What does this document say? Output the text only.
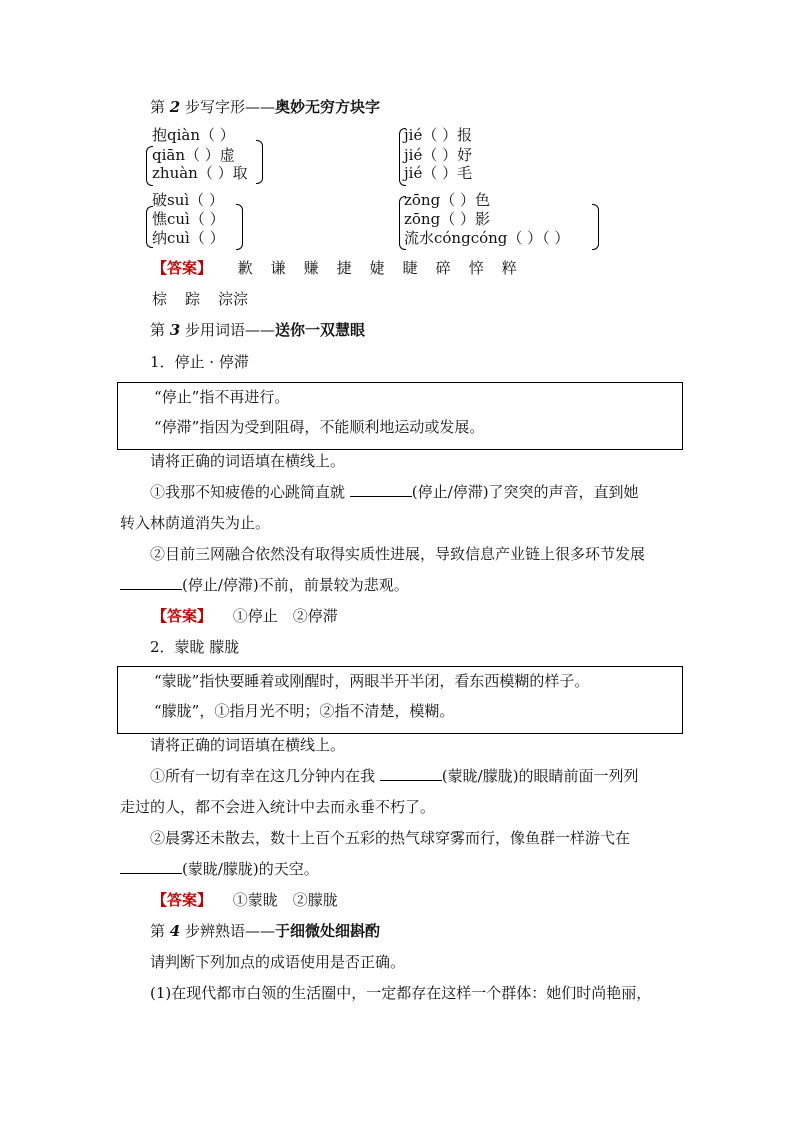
第 2 步写字形——奥妙无穷方块字
抱qiàn（ ）
qiān（ ）虚
zhuàn（ ）取
jié（ ）报
jié（ ）妤
jié（ ）毛
破suì（ ）
憔cuì（ ）
纳cuì（ ）
zōng（ ）色
zōng（ ）影
流水cóngcóng（ ）（ ）
【答案】 歉 谦 赚 捷 婕 睫 碎 悴 粹
棕 踪 淙淙
第 3 步用词语——送你一双慧眼
1．停止 · 停滞
“停止”指不再进行。
“停滞”指因为受到阻碍，不能顺利地运动或发展。
请将正确的词语填在横线上。
①我那不知疲倦的心跳简直就	(停止/停滞)了突突的声音，直到她
转入林荫道消失为止。
②目前三网融合依然没有取得实质性进展，导致信息产业链上很多环节发展
(停止/停滞)不前，前景较为悲观。
【答案】 ①停止　②停滞
2．蒙眬 朦胧
“蒙眬”指快要睡着或刚醒时，两眼半开半闭，看东西模糊的样子。
“朦胧”，①指月光不明；②指不清楚，模糊。
请将正确的词语填在横线上。
①所有一切有幸在这几分钟内在我	(蒙眬/朦胧)的眼睛前面一列列
走过的人，都不会进入统计中去而永垂不朽了。
②晨雾还未散去，数十上百个五彩的热气球穿雾而行，像鱼群一样游弋在
(蒙眬/朦胧)的天空。
【答案】 ①蒙眬　②朦胧
第 4 步辨熟语——于细微处细斟酌
请判断下列加点的成语使用是否正确。
(1)在现代都市白领的生活圈中，一定都存在这样一个群体：她们时尚艳丽，
